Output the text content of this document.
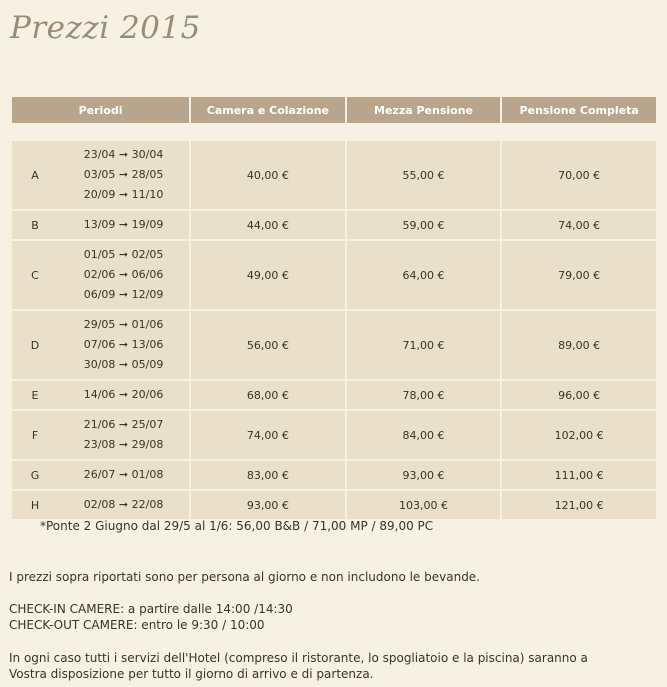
Prezzi 2015
Periodi	Camera e Colazione	Mezza Pensione	Pensione Completa

A
23/04 ➞ 30/04
03/05 ➞ 28/05
20/09 ➞ 11/10	40,00 €	55,00 €	70,00 €

B 13/09 ➞ 19/09	44,00 €	59,00 €	74,00 €

C
01/05 ➞ 02/05
02/06 ➞ 06/06
06/09 ➞ 12/09	49,00 €	64,00 €	79,00 €

D
29/05 ➞ 01/06
07/06 ➞ 13/06
30/08 ➞ 05/09	56,00 €	71,00 €	89,00 €

E 14/06 ➞ 20/06	68,00 €	78,00 €	96,00 €

F
21/06 ➞ 25/07
23/08 ➞ 29/08	74,00 €	84,00 €	102,00 €

G 26/07 ➞ 01/08	83,00 €	93,00 €	111,00 €

H 02/08 ➞ 22/08	93,00 €	103,00 €	121,00 €
*Ponte 2 Giugno dal 29/5 al 1/6: 56,00 B&B / 71,00 MP / 89,00 PC
I prezzi sopra riportati sono per persona al giorno e non includono le bevande.
CHECK-IN CAMERE: a partire dalle 14:00 /14:30
CHECK-OUT CAMERE: entro le 9:30 / 10:00
In ogni caso tutti i servizi dell'Hotel (compreso il ristorante, lo spogliatoio e la piscina) saranno a
Vostra disposizione per tutto il giorno di arrivo e di partenza.
